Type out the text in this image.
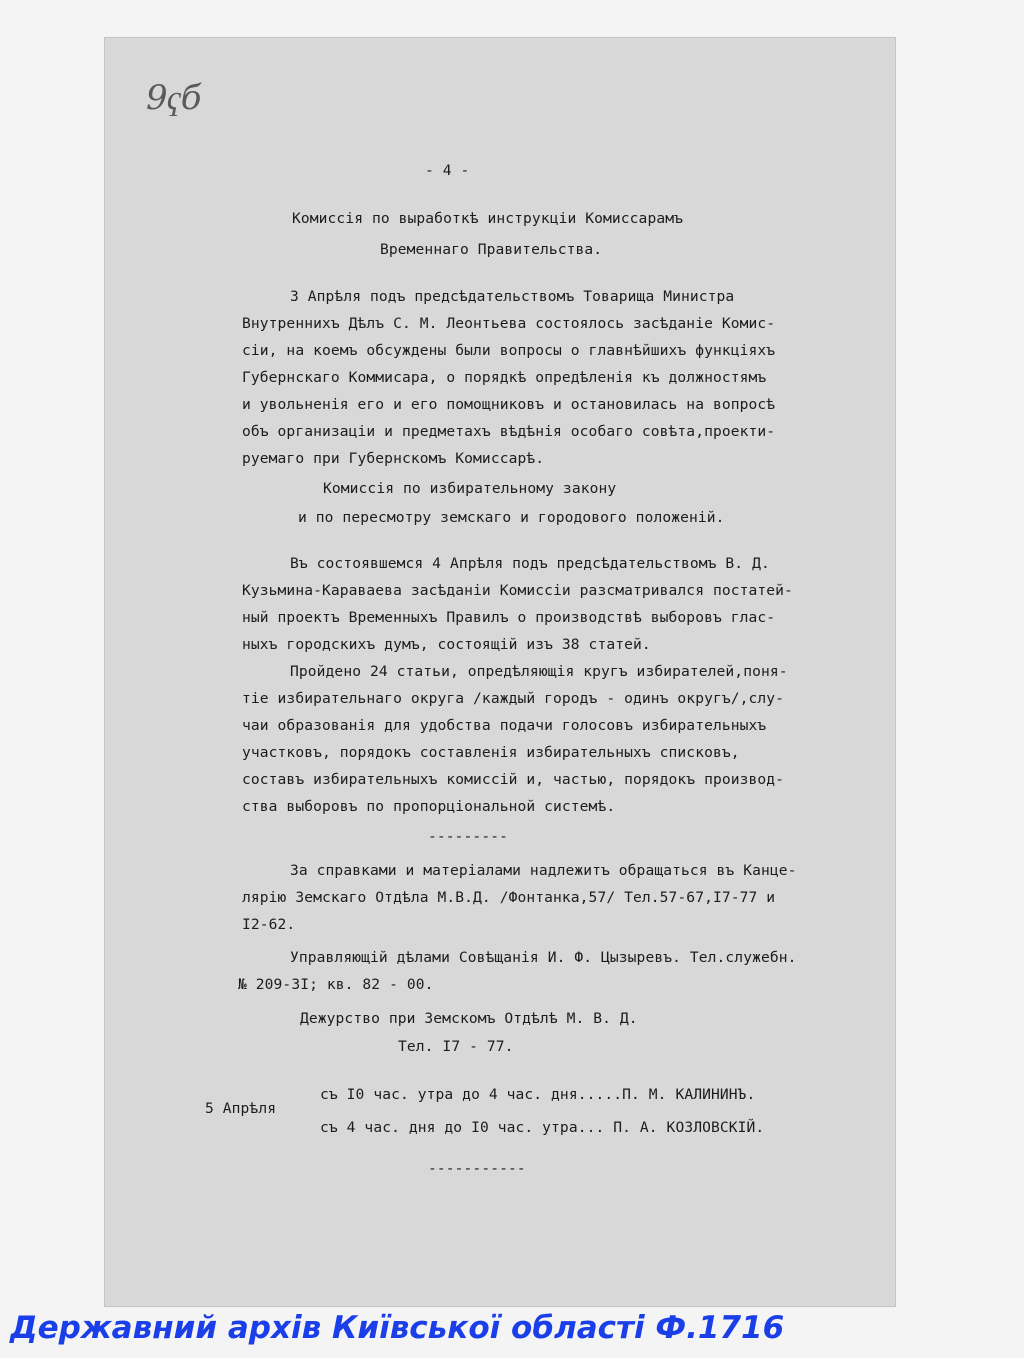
9ҁб
- 4 -
Комиссія по выработкѣ инструкціи Комиссарамъ
Временнаго Правительства.
3 Апрѣля подъ предсѣдательствомъ Товарища Министра
Внутреннихъ Дѣлъ С. М. Леонтьева состоялось засѣданіе Комис-
сіи, на коемъ обсуждены были вопросы о главнѣйшихъ функціяхъ
Губернскаго Коммисара, о порядкѣ опредѣленія къ должностямъ
и увольненія его и его помощниковъ и остановилась на вопросѣ
объ организаціи и предметахъ вѣдѣнія особаго совѣта,проекти-
руемаго при Губернскомъ Комиссарѣ.
Комиссія по избирательному закону
и по пересмотру земскаго и городового положеній.
Въ состоявшемся 4 Апрѣля подъ предсѣдательствомъ В. Д.
Кузьмина-Караваева засѣданіи Комиссіи разсматривался постатей-
ный проектъ Временныхъ Правилъ о производствѣ выборовъ глас-
ныхъ городскихъ думъ, состоящій изъ 38 статей.
Пройдено 24 статьи, опредѣляющія кругъ избирателей,поня-
тіе избирательнаго округа /каждый городъ - одинъ округъ/,слу-
чаи образованія для удобства подачи голосовъ избирательныхъ
участковъ, порядокъ составленія избирательныхъ списковъ,
составъ избирательныхъ комиссій и, частью, порядокъ производ-
ства выборовъ по пропорціональной системѣ.
---------
За справками и матеріалами надлежитъ обращаться въ Канце-
лярію Земскаго Отдѣла М.В.Д. /Фонтанка,57/ Тел.57-67,I7-77 и
I2-62.
Управляющій дѣлами Совѣщанія И. Ф. Цызыревъ. Тел.служебн.
№ 209-3I; кв. 82 - 00.
Дежурство при Земскомъ Отдѣлѣ М. В. Д.
Тел. I7 - 77.
5 Апрѣля
съ I0 час. утра до 4 час. дня.....П. М. КАЛИНИНЪ.
съ 4 час. дня до I0 час. утра... П. А. КОЗЛОВСКІЙ.
-----------
Державний архів Київської області Ф.1716
